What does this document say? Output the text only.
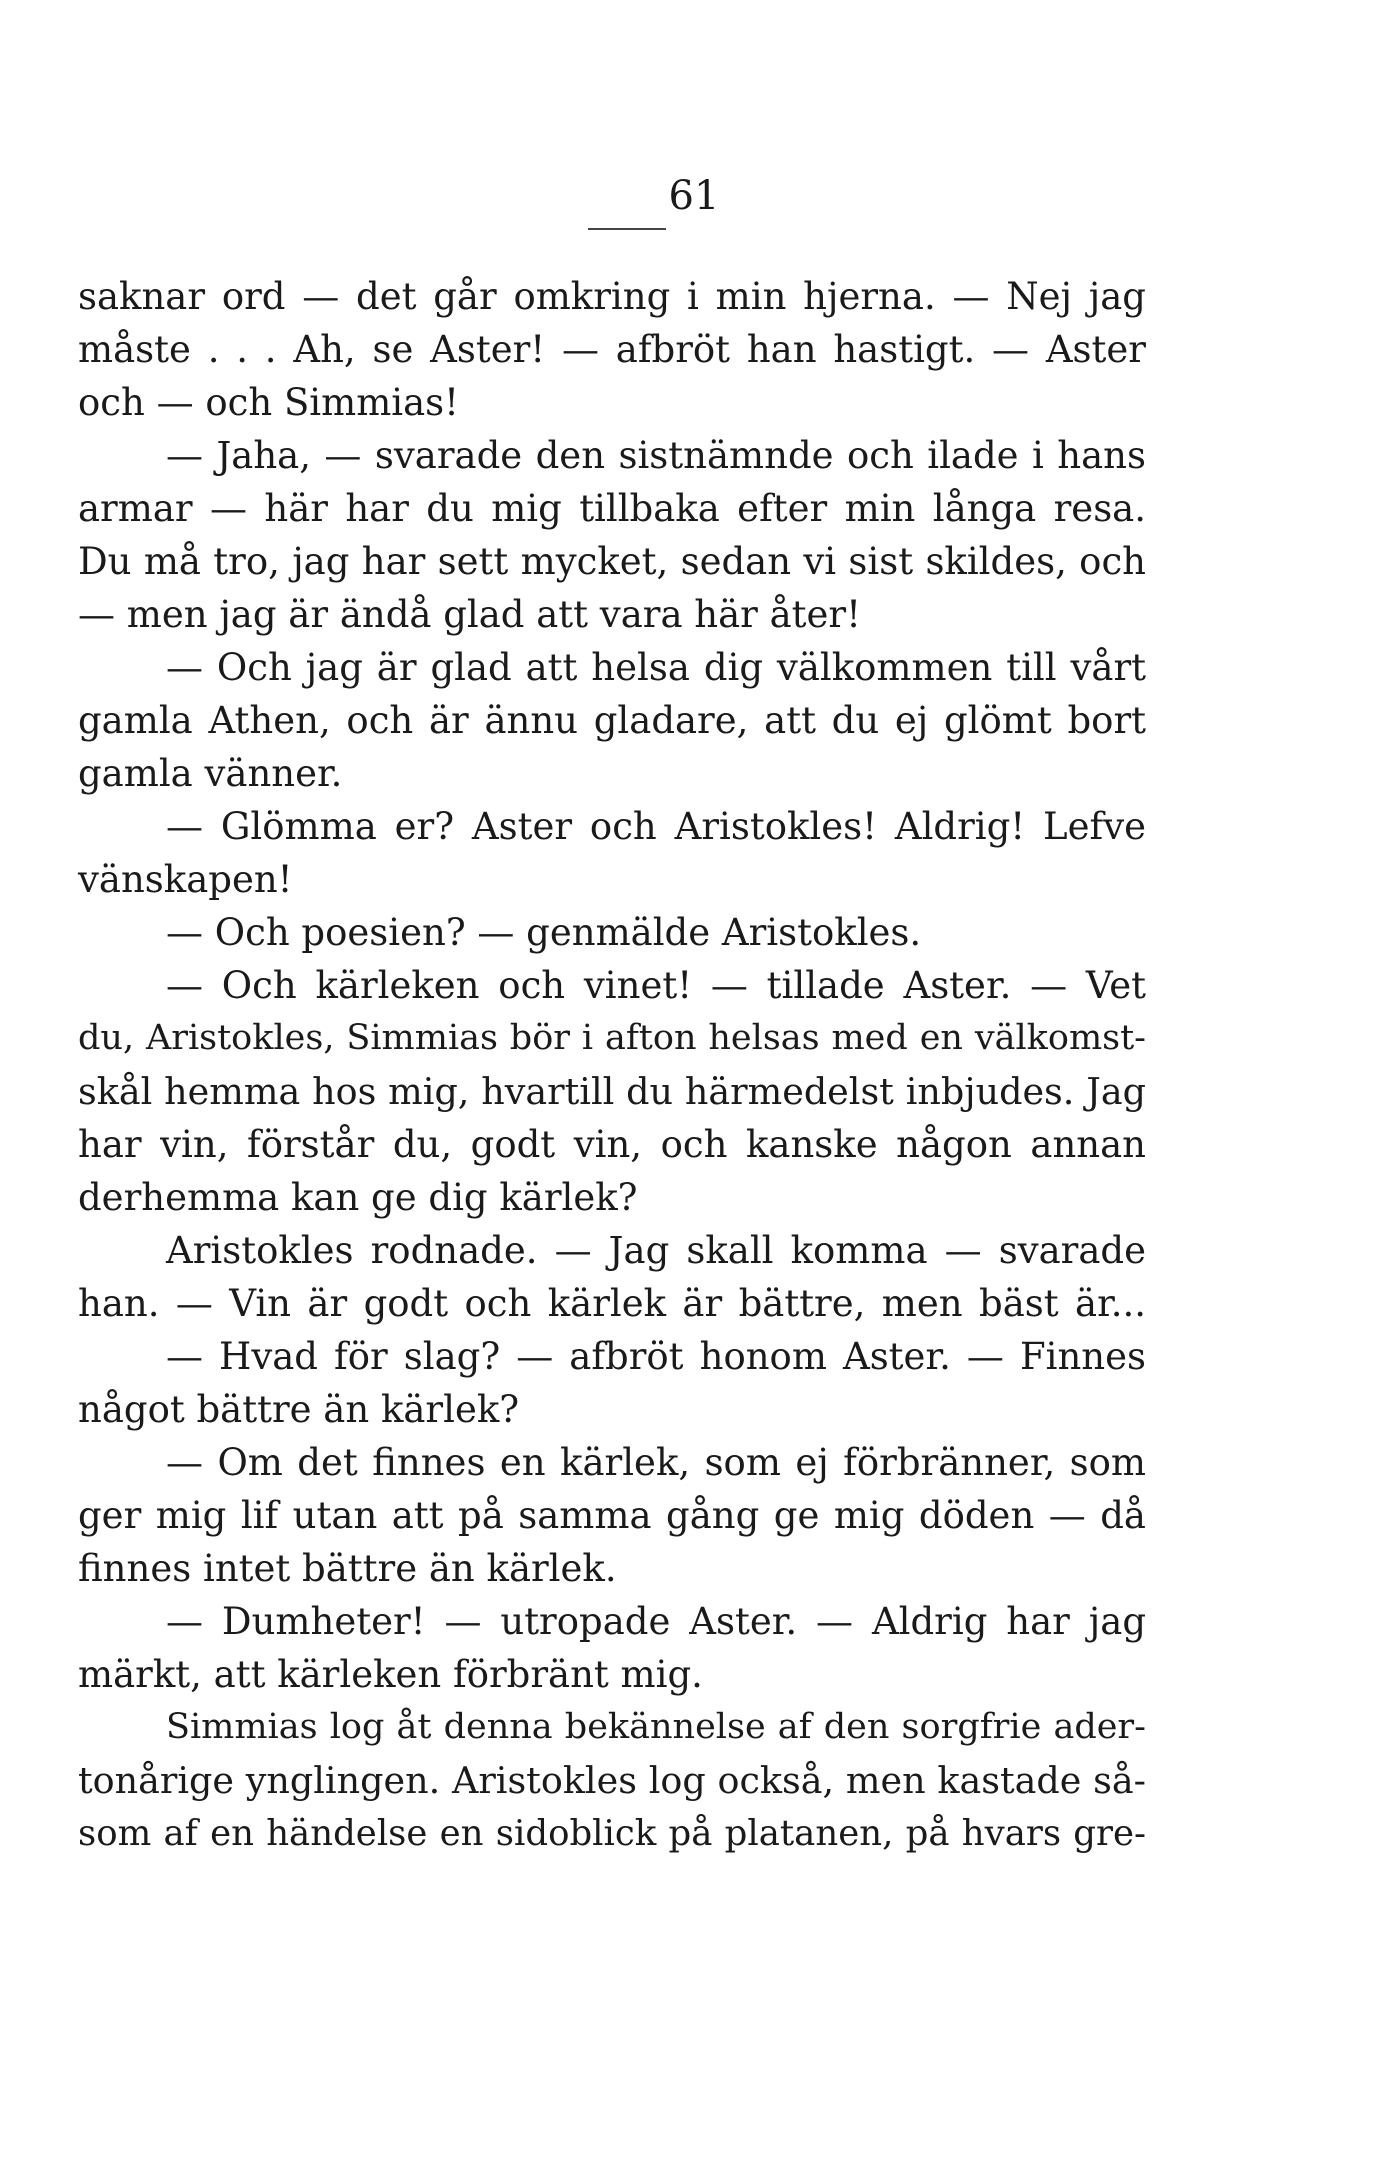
61
saknar ord — det går omkring i min hjerna. — Nej jag
måste . . . Ah, se Aster! — afbröt han hastigt. — Aster
och — och Simmias!
— Jaha, — svarade den sistnämnde och ilade i hans
armar — här har du mig tillbaka efter min långa resa.
Du må tro, jag har sett mycket, sedan vi sist skildes, och
— men jag är ändå glad att vara här åter!
— Och jag är glad att helsa dig välkommen till vårt
gamla Athen, och är ännu gladare, att du ej glömt bort
gamla vänner.
— Glömma er? Aster och Aristokles! Aldrig! Lefve
vänskapen!
— Och poesien? — genmälde Aristokles.
— Och kärleken och vinet! — tillade Aster. — Vet
du, Aristokles, Simmias bör i afton helsas med en välkomst-
skål hemma hos mig, hvartill du härmedelst inbjudes. Jag
har vin, förstår du, godt vin, och kanske någon annan
derhemma kan ge dig kärlek?
Aristokles rodnade. — Jag skall komma — svarade
han. — Vin är godt och kärlek är bättre, men bäst är...
— Hvad för slag? — afbröt honom Aster. — Finnes
något bättre än kärlek?
— Om det finnes en kärlek, som ej förbränner, som
ger mig lif utan att på samma gång ge mig döden — då
finnes intet bättre än kärlek.
— Dumheter! — utropade Aster. — Aldrig har jag
märkt, att kärleken förbränt mig.
Simmias log åt denna bekännelse af den sorgfrie ader-
tonårige ynglingen. Aristokles log också, men kastade så-
som af en händelse en sidoblick på platanen, på hvars gre-
